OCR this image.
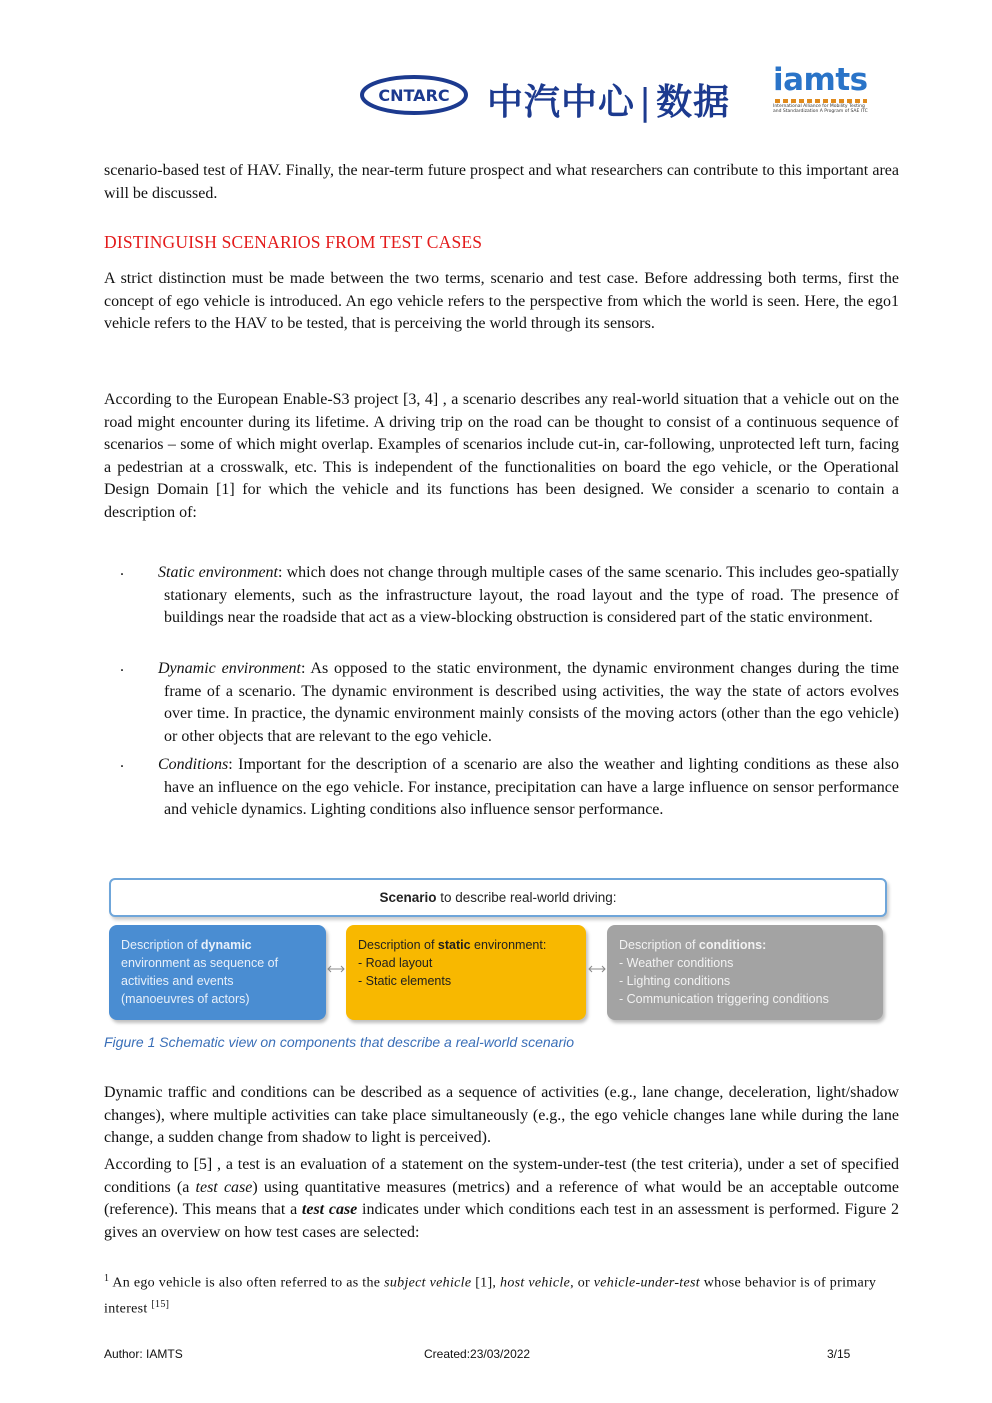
CNTARC 中汽中心 | 数据
iamts
International Alliance for Mobility Testing and Standardization A Program of SAE ITC

scenario-based test of HAV. Finally, the near-term future prospect and what researchers can contribute to this important area will be discussed.

DISTINGUISH SCENARIOS FROM TEST CASES

A strict distinction must be made between the two terms, scenario and test case. Before addressing both terms, first the concept of ego vehicle is introduced. An ego vehicle refers to the perspective from which the world is seen. Here, the ego1 vehicle refers to the HAV to be tested, that is perceiving the world through its sensors.

According to the European Enable-S3 project [3, 4] , a scenario describes any real-world situation that a vehicle out on the road might encounter during its lifetime. A driving trip on the road can be thought to consist of a continuous sequence of scenarios – some of which might overlap. Examples of scenarios include cut-in, car-following, unprotected left turn, facing a pedestrian at a crosswalk, etc. This is independent of the functionalities on board the ego vehicle, or the Operational Design Domain [1] for which the vehicle and its functions has been designed. We consider a scenario to contain a description of:

. Static environment: which does not change through multiple cases of the same scenario. This includes geo-spatially stationary elements, such as the infrastructure layout, the road layout and the type of road. The presence of buildings near the roadside that act as a view-blocking obstruction is considered part of the static environment.
. Dynamic environment: As opposed to the static environment, the dynamic environment changes during the time frame of a scenario. The dynamic environment is described using activities, the way the state of actors evolves over time. In practice, the dynamic environment mainly consists of the moving actors (other than the ego vehicle) or other objects that are relevant to the ego vehicle.
. Conditions: Important for the description of a scenario are also the weather and lighting conditions as these also have an influence on the ego vehicle. For instance, precipitation can have a large influence on sensor performance and vehicle dynamics. Lighting conditions also influence sensor performance.
Scenario to describe real-world driving:
Description of dynamic
environment as sequence of
activities and events
(manoeuvres of actors)
Description of static environment:
- Road layout
- Static elements
Description of conditions:
- Weather conditions
- Lighting conditions
- Communication triggering conditions
Figure 1 Schematic view on components that describe a real-world scenario

Dynamic traffic and conditions can be described as a sequence of activities (e.g., lane change, deceleration, light/shadow changes), where multiple activities can take place simultaneously (e.g., the ego vehicle changes lane while during the lane change, a sudden change from shadow to light is perceived).

According to [5] , a test is an evaluation of a statement on the system-under-test (the test criteria), under a set of specified conditions (a test case) using quantitative measures (metrics) and a reference of what would be an acceptable outcome (reference). This means that a test case indicates under which conditions each test in an assessment is performed. Figure 2 gives an overview on how test cases are selected:

$^1$ An ego vehicle is also often referred to as the subject vehicle [1], host vehicle, or vehicle-under-test whose behavior is of primary interest [15]
Author: IAMTS	Created:23/03/2022	3/15
